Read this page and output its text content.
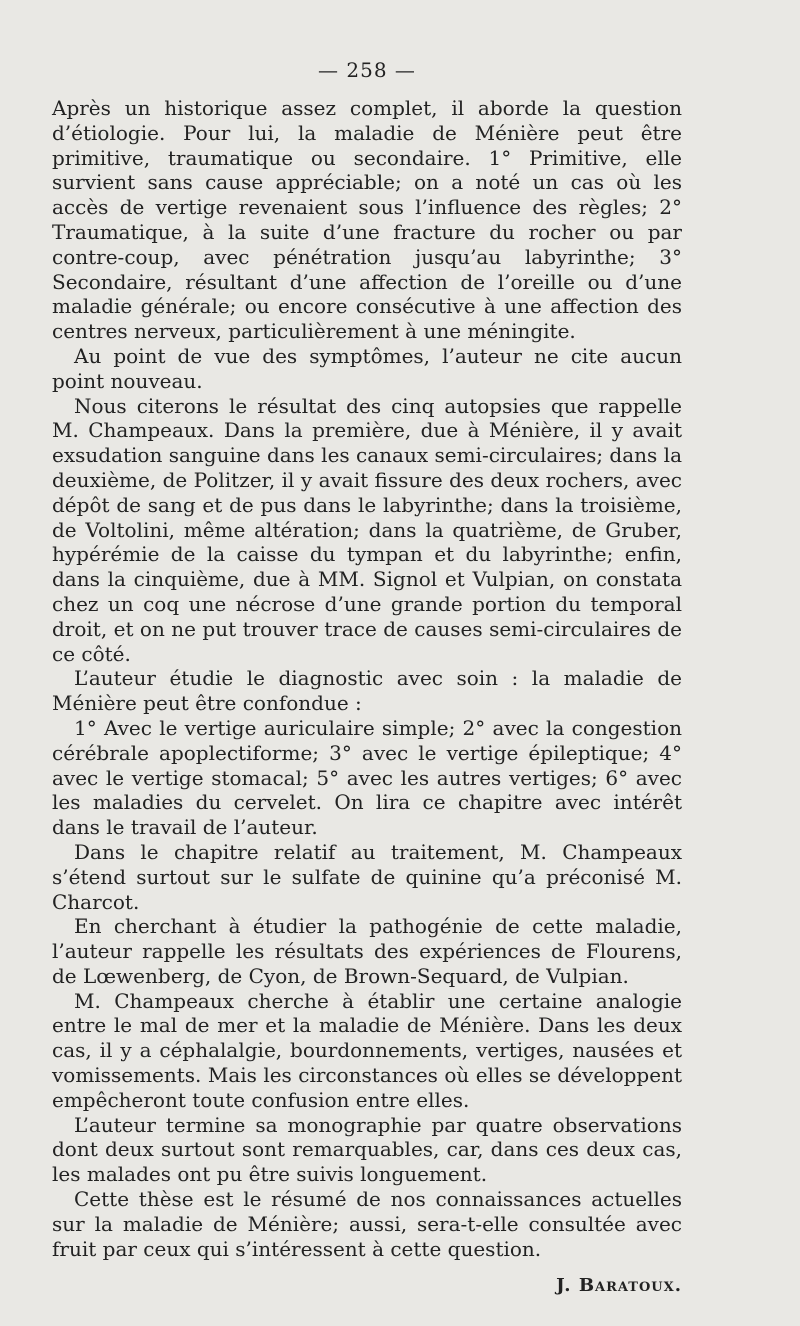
— 258 —

Après un historique assez complet, il aborde la question d’étiologie. Pour lui, la maladie de Ménière peut être primitive, traumatique ou secondaire. 1° Primitive, elle survient sans cause appréciable; on a noté un cas où les accès de vertige revenaient sous l’influence des règles; 2° Traumatique, à la suite d’une fracture du rocher ou par contre-coup, avec pénétration jusqu’au labyrinthe; 3° Secondaire, résultant d’une affection de l’oreille ou d’une maladie générale; ou encore consécutive à une affection des centres nerveux, particulièrement à une méningite.

Au point de vue des symptômes, l’auteur ne cite aucun point nouveau.

Nous citerons le résultat des cinq autopsies que rappelle M. Champeaux. Dans la première, due à Ménière, il y avait exsudation sanguine dans les canaux semi-circulaires; dans la deuxième, de Politzer, il y avait fissure des deux rochers, avec dépôt de sang et de pus dans le labyrinthe; dans la troisième, de Voltolini, même altération; dans la quatrième, de Gruber, hypérémie de la caisse du tympan et du labyrinthe; enfin, dans la cinquième, due à MM. Signol et Vulpian, on constata chez un coq une nécrose d’une grande portion du temporal droit, et on ne put trouver trace de causes semi-circulaires de ce côté.

L’auteur étudie le diagnostic avec soin : la maladie de Ménière peut être confondue :

1° Avec le vertige auriculaire simple; 2° avec la congestion cérébrale apoplectiforme; 3° avec le vertige épileptique; 4° avec le vertige stomacal; 5° avec les autres vertiges; 6° avec les maladies du cervelet. On lira ce chapitre avec intérêt dans le travail de l’auteur.

Dans le chapitre relatif au traitement, M. Champeaux s’étend surtout sur le sulfate de quinine qu’a préconisé M. Charcot.

En cherchant à étudier la pathogénie de cette maladie, l’auteur rappelle les résultats des expériences de Flourens, de Lœwenberg, de Cyon, de Brown-Sequard, de Vulpian.

M. Champeaux cherche à établir une certaine analogie entre le mal de mer et la maladie de Ménière. Dans les deux cas, il y a céphalalgie, bourdonnements, vertiges, nausées et vomissements. Mais les circonstances où elles se développent empêcheront toute confusion entre elles.

L’auteur termine sa monographie par quatre observations dont deux surtout sont remarquables, car, dans ces deux cas, les malades ont pu être suivis longuement.

Cette thèse est le résumé de nos connaissances actuelles sur la maladie de Ménière; aussi, sera-t-elle consultée avec fruit par ceux qui s’intéressent à cette question.

J. Baratoux.
